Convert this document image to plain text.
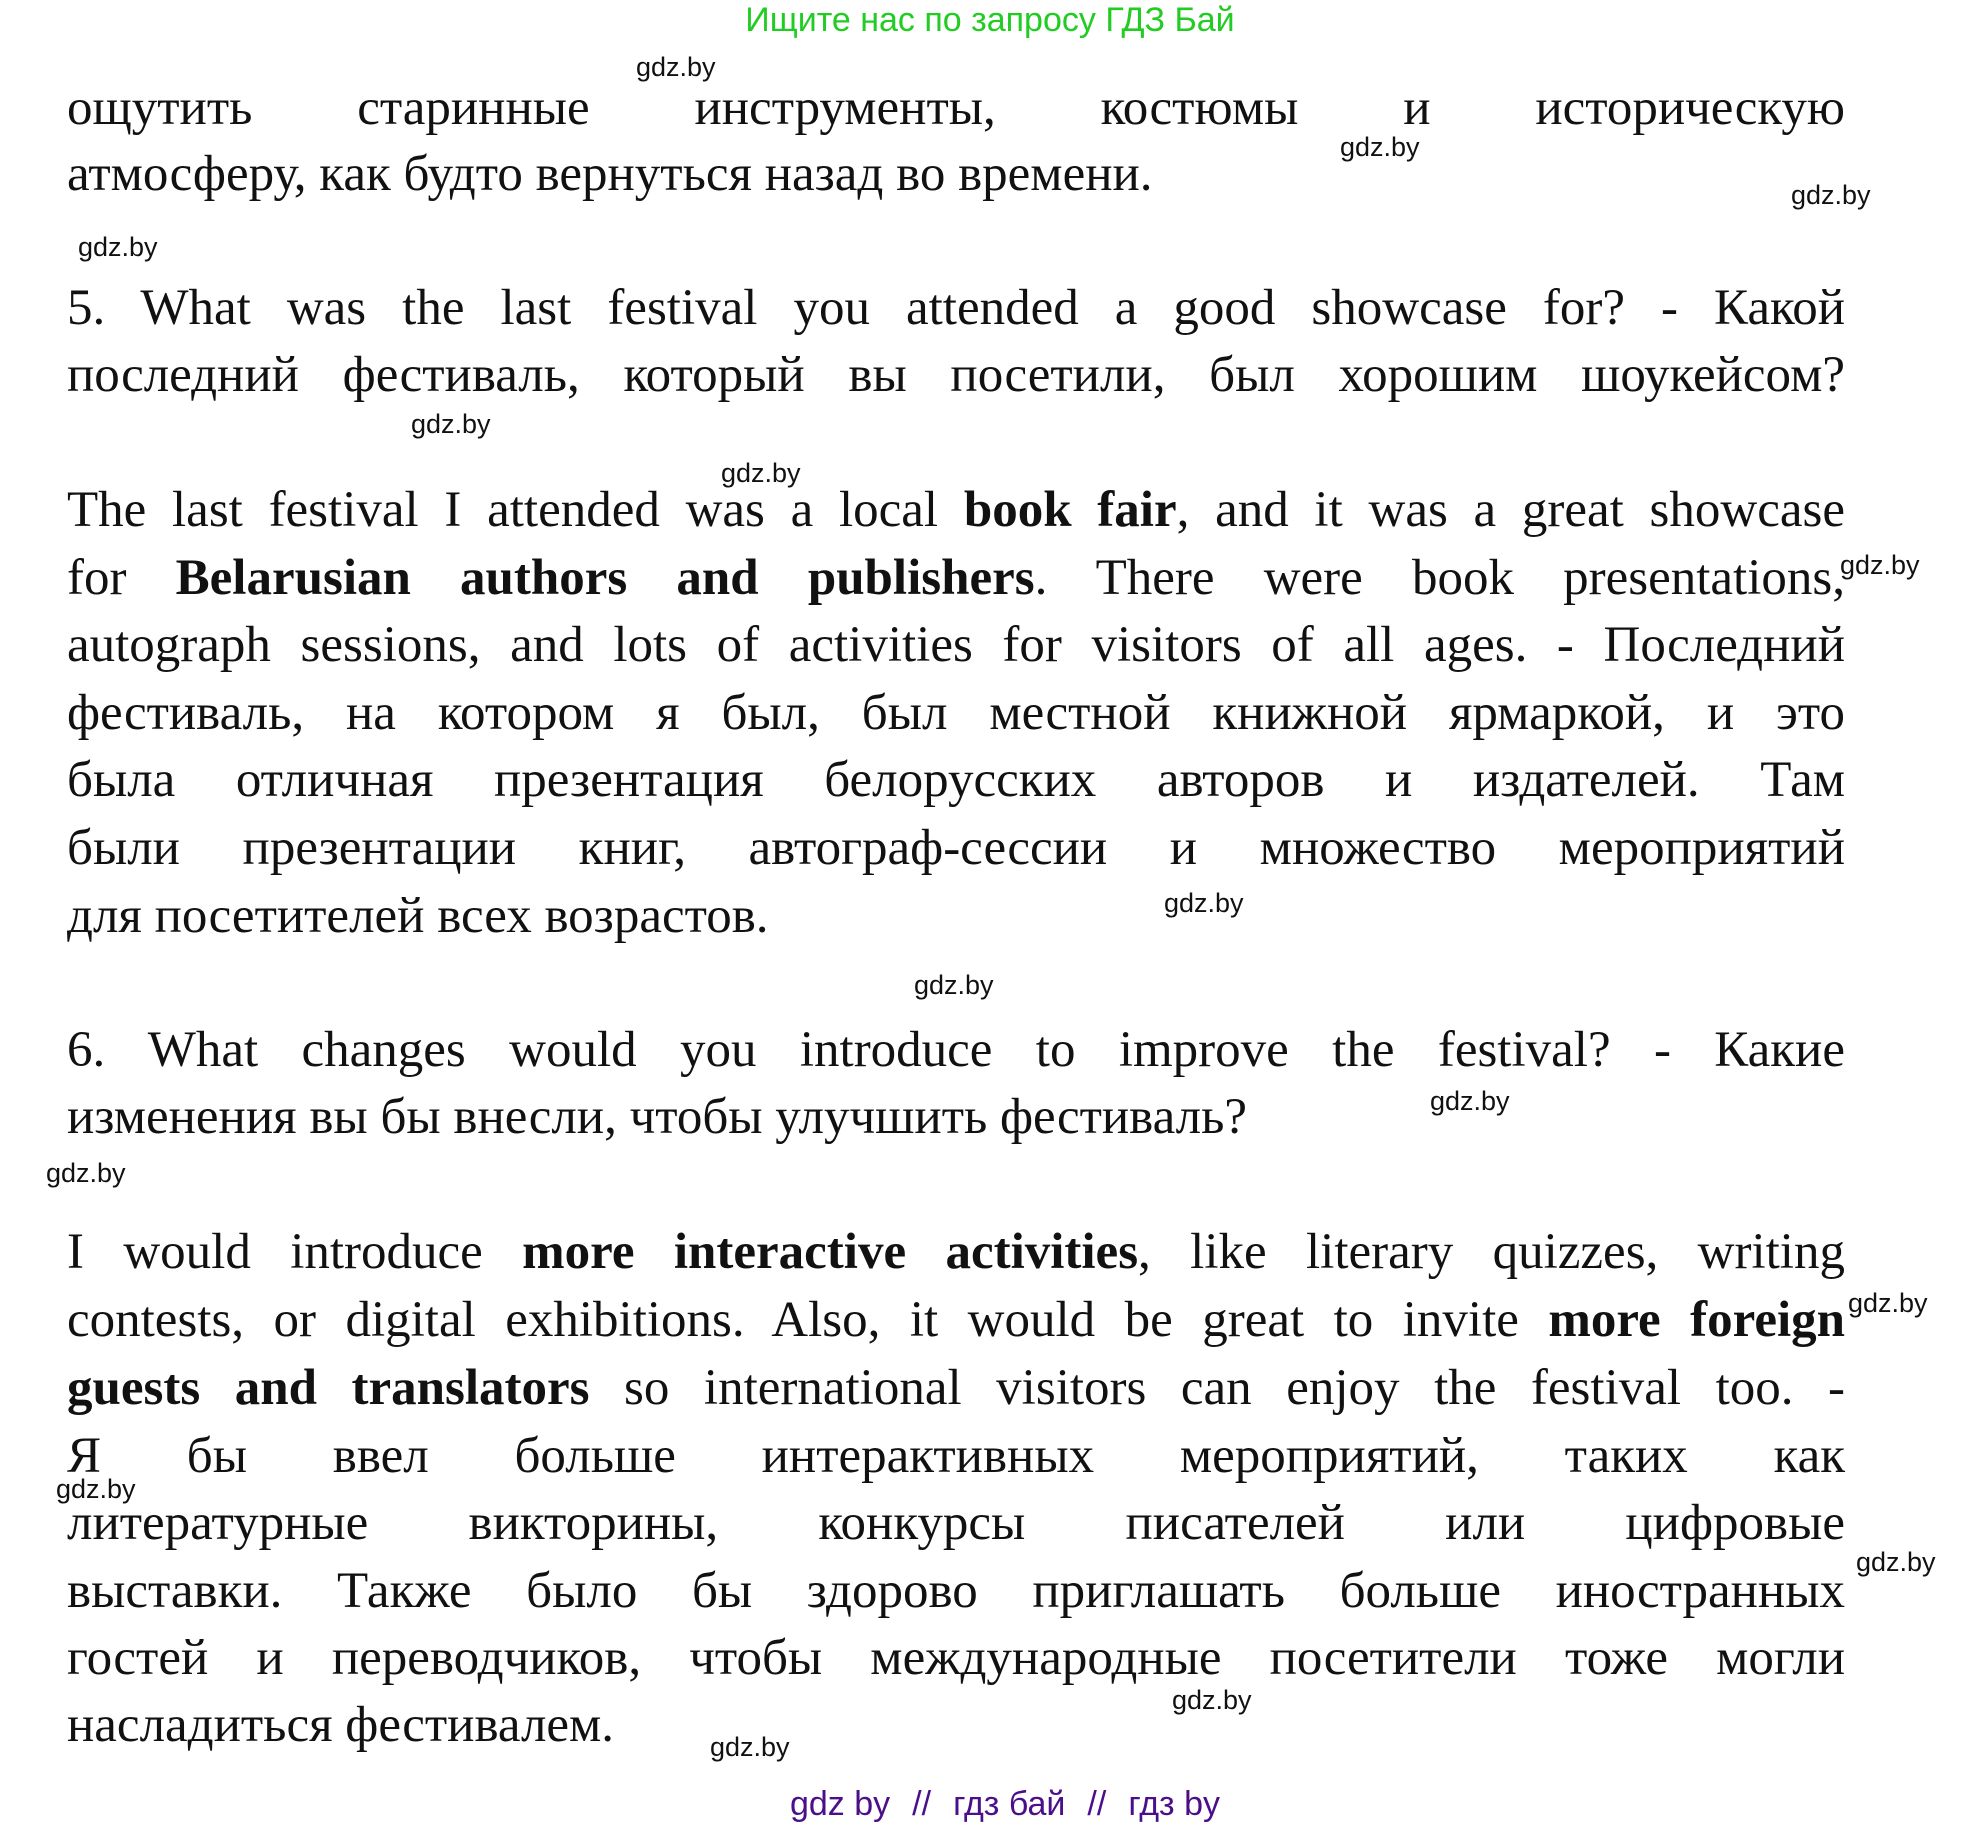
Ищите нас по запросу ГДЗ Бай
ощутить старинные инструменты, костюмы и историческую
атмосферу, как будто вернуться назад во времени.
5. What was the last festival you attended a good showcase for? - Какой
последний фестиваль, который вы посетили, был хорошим шоукейсом?
The last festival I attended was a local book fair, and it was a great showcase
for Belarusian authors and publishers. There were book presentations,
autograph sessions, and lots of activities for visitors of all ages. - Последний
фестиваль, на котором я был, был местной книжной ярмаркой, и это
была отличная презентация белорусских авторов и издателей. Там
были презентации книг, автограф-сессии и множество мероприятий
для посетителей всех возрастов.
6. What changes would you introduce to improve the festival? - Какие
изменения вы бы внесли, чтобы улучшить фестиваль?
I would introduce more interactive activities, like literary quizzes, writing
contests, or digital exhibitions. Also, it would be great to invite more foreign
guests and translators so international visitors can enjoy the festival too. -
Я бы ввел больше интерактивных мероприятий, таких как
литературные викторины, конкурсы писателей или цифровые
выставки. Также было бы здорово приглашать больше иностранных
гостей и переводчиков, чтобы международные посетители тоже могли
насладиться фестивалем.
gdz.by
gdz.by
gdz.by
gdz.by
gdz.by
gdz.by
gdz.by
gdz.by
gdz.by
gdz.by
gdz.by
gdz.by
gdz.by
gdz.by
gdz.by
gdz.by
gdz by // гдз бай // гдз by
